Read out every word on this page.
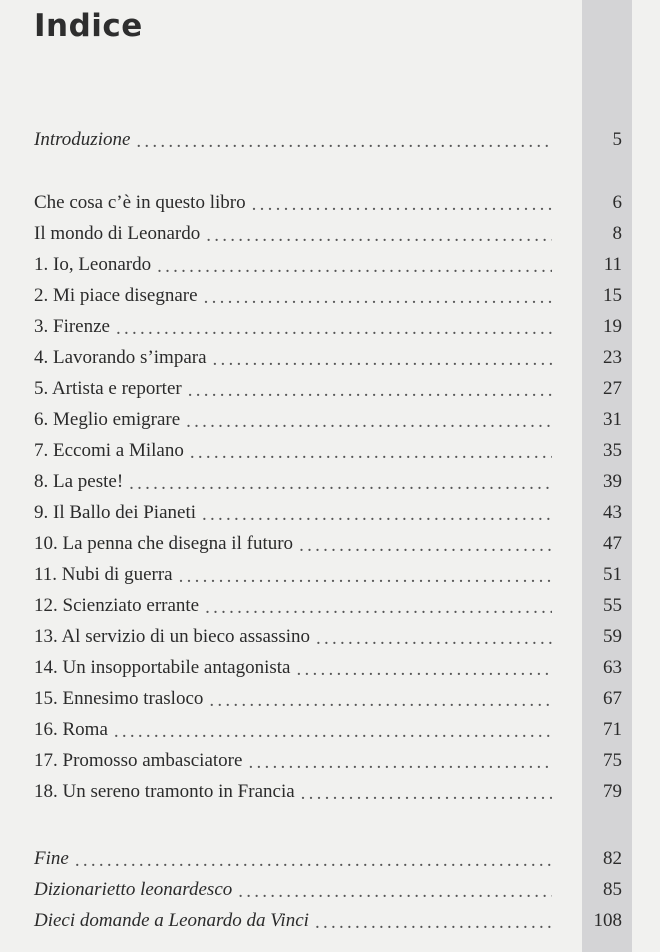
Indice
Introduzione . . .	5
Che cosa c’è in questo libro . . .	6
Il mondo di Leonardo . . .	8
1. Io, Leonardo . . .	11
2. Mi piace disegnare . . .	15
3. Firenze . . .	19
4. Lavorando s’impara . . .	23
5. Artista e reporter . . .	27
6. Meglio emigrare . . .	31
7. Eccomi a Milano . . .	35
8. La peste! . . .	39
9. Il Ballo dei Pianeti . . .	43
10. La penna che disegna il futuro . . .	47
11. Nubi di guerra . . .	51
12. Scienziato errante . . .	55
13. Al servizio di un bieco assassino . . .	59
14. Un insopportabile antagonista . . .	63
15. Ennesimo trasloco . . .	67
16. Roma . . .	71
17. Promosso ambasciatore . . .	75
18. Un sereno tramonto in Francia . . .	79
Fine . . .	82
Dizionarietto leonardesco . . .	85
Dieci domande a Leonardo da Vinci . . .	108
